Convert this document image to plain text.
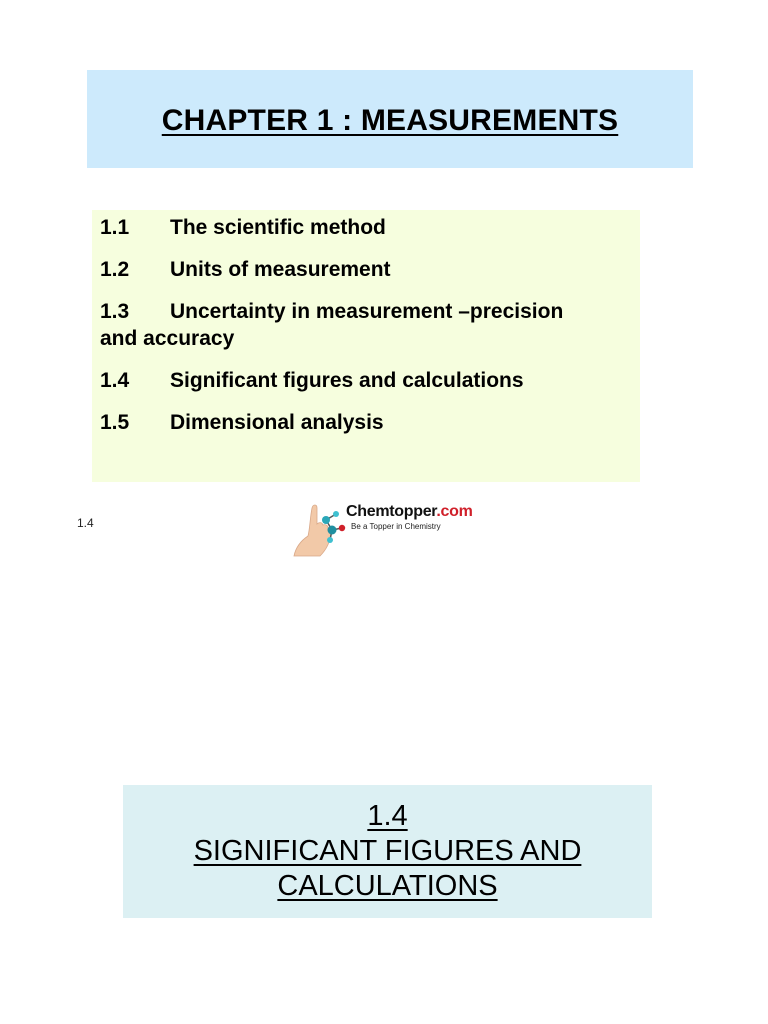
CHAPTER 1 : MEASUREMENTS
1.1 The scientific method
1.2 Units of measurement
1.3 Uncertainty in measurement –precision
and accuracy
1.4 Significant figures and calculations
1.5 Dimensional analysis
1.4
Chemtopper.com
Be a Topper in Chemistry
1.4
SIGNIFICANT FIGURES AND
CALCULATIONS
